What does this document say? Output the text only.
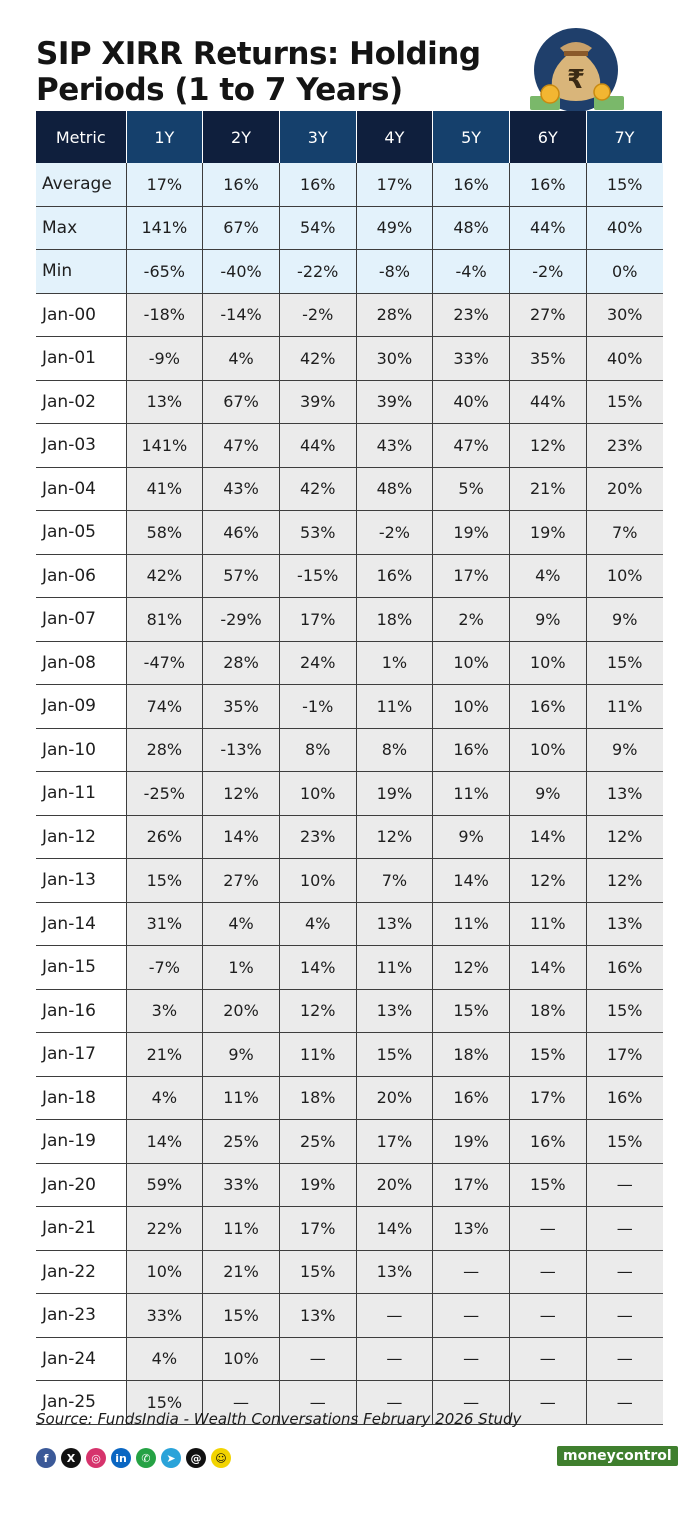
SIP XIRR Returns: Holding Periods (1 to 7 Years)	₹
Metric	1Y	2Y	3Y	4Y	5Y	6Y	7Y
Average	17%	16%	16%	17%	16%	16%	15%
Max	141%	67%	54%	49%	48%	44%	40%
Min	-65%	-40%	-22%	-8%	-4%	-2%	0%
Jan-00	-18%	-14%	-2%	28%	23%	27%	30%
Jan-01	-9%	4%	42%	30%	33%	35%	40%
Jan-02	13%	67%	39%	39%	40%	44%	15%
Jan-03	141%	47%	44%	43%	47%	12%	23%
Jan-04	41%	43%	42%	48%	5%	21%	20%
Jan-05	58%	46%	53%	-2%	19%	19%	7%
Jan-06	42%	57%	-15%	16%	17%	4%	10%
Jan-07	81%	-29%	17%	18%	2%	9%	9%
Jan-08	-47%	28%	24%	1%	10%	10%	15%
Jan-09	74%	35%	-1%	11%	10%	16%	11%
Jan-10	28%	-13%	8%	8%	16%	10%	9%
Jan-11	-25%	12%	10%	19%	11%	9%	13%
Jan-12	26%	14%	23%	12%	9%	14%	12%
Jan-13	15%	27%	10%	7%	14%	12%	12%
Jan-14	31%	4%	4%	13%	11%	11%	13%
Jan-15	-7%	1%	14%	11%	12%	14%	16%
Jan-16	3%	20%	12%	13%	15%	18%	15%
Jan-17	21%	9%	11%	15%	18%	15%	17%
Jan-18	4%	11%	18%	20%	16%	17%	16%
Jan-19	14%	25%	25%	17%	19%	16%	15%
Jan-20	59%	33%	19%	20%	17%	15%	—
Jan-21	22%	11%	17%	14%	13%	—	—
Jan-22	10%	21%	15%	13%	—	—	—
Jan-23	33%	15%	13%	—	—	—	—
Jan-24	4%	10%	—	—	—	—	—
Jan-25	15%	—	—	—	—	—	—
Source: FundsIndia - Wealth Conversations February 2026 Study
f	X	◎	in	✆	➤	@	☺	moneycontrol
